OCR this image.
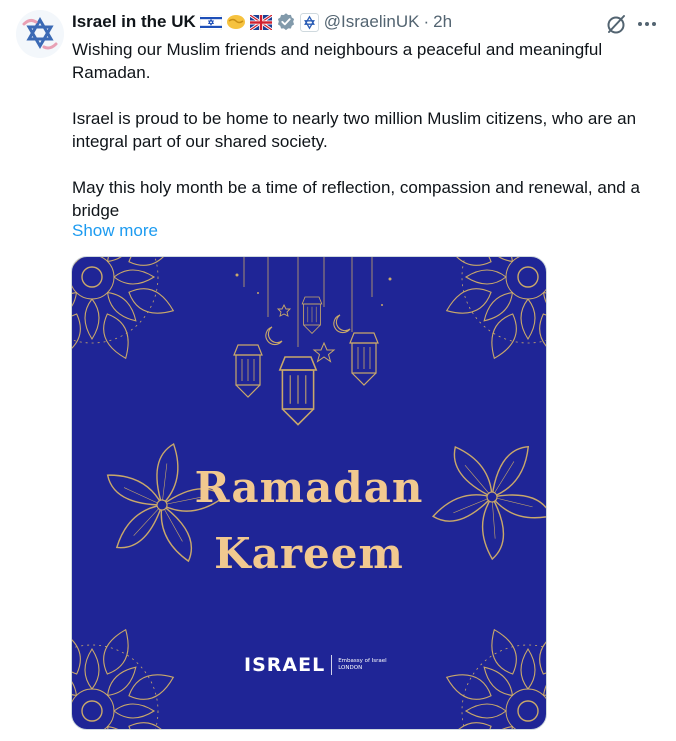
Israel in the UK	@IsraelinUK · 2h

Wishing our Muslim friends and neighbours a peaceful and meaningful Ramadan.

Israel is proud to be home to nearly two million Muslim citizens, who are an integral part of our shared society.

May this holy month be a time of reflection, compassion and renewal, and a bridge

Show more
Ramadan
Kareem
ISRAEL Embassy of Israel
LONDON
